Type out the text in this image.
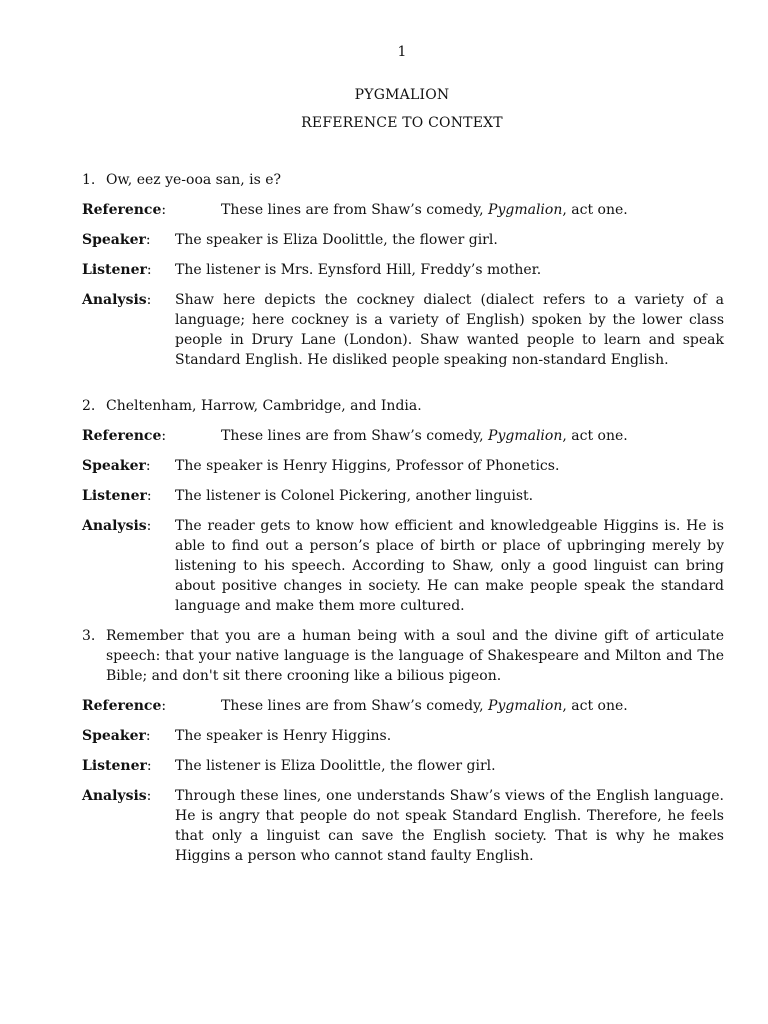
1
PYGMALION
REFERENCE TO CONTEXT
1. Ow, eez ye-ooa san, is e?
Reference:	These lines are from Shaw’s comedy, Pygmalion, act one.
Speaker:	The speaker is Eliza Doolittle, the flower girl.
Listener:	The listener is Mrs. Eynsford Hill, Freddy’s mother.
Analysis:	Shaw here depicts the cockney dialect (dialect refers to a variety of a language; here cockney is a variety of English) spoken by the lower class people in Drury Lane (London). Shaw wanted people to learn and speak Standard English. He disliked people speaking non-standard English.
2. Cheltenham, Harrow, Cambridge, and India.
Reference:	These lines are from Shaw’s comedy, Pygmalion, act one.
Speaker:	The speaker is Henry Higgins, Professor of Phonetics.
Listener:	The listener is Colonel Pickering, another linguist.
Analysis:	The reader gets to know how efficient and knowledgeable Higgins is. He is able to find out a person’s place of birth or place of upbringing merely by listening to his speech. According to Shaw, only a good linguist can bring about positive changes in society. He can make people speak the standard language and make them more cultured.
3. Remember that you are a human being with a soul and the divine gift of articulate speech: that your native language is the language of Shakespeare and Milton and The Bible; and don't sit there crooning like a bilious pigeon.
Reference:	These lines are from Shaw’s comedy, Pygmalion, act one.
Speaker:	The speaker is Henry Higgins.
Listener:	The listener is Eliza Doolittle, the flower girl.
Analysis:	Through these lines, one understands Shaw’s views of the English language. He is angry that people do not speak Standard English. Therefore, he feels that only a linguist can save the English society. That is why he makes Higgins a person who cannot stand faulty English.
